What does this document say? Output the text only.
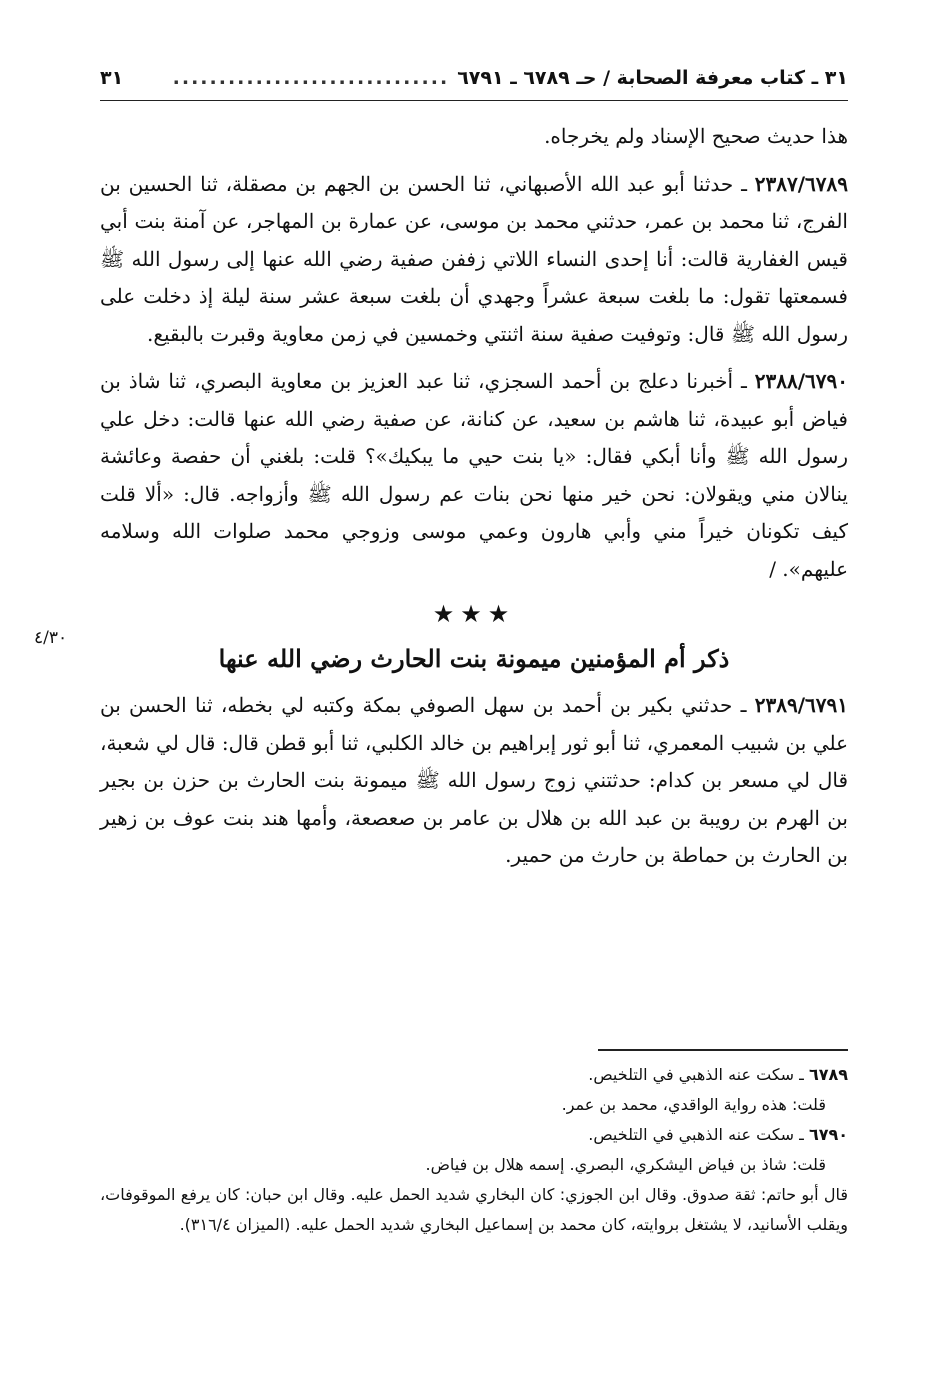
٣١ ـ كتاب معرفة الصحابة / حـ ٦٧٨٩ ـ ٦٧٩١
..............................
٣١

هذا حديث صحيح الإسناد ولم يخرجاه.

٢٣٨٧/٦٧٨٩ ـ حدثنا أبو عبد الله الأصبهاني، ثنا الحسن بن الجهم بن مصقلة، ثنا الحسين بن الفرج، ثنا محمد بن عمر، حدثني محمد بن موسى، عن عمارة بن المهاجر، عن آمنة بنت أبي قيس الغفارية قالت: أنا إحدى النساء اللاتي زففن صفية رضي الله عنها إلى رسول الله ﷺ فسمعتها تقول: ما بلغت سبعة عشراً وجهدي أن بلغت سبعة عشر سنة ليلة إذ دخلت على رسول الله ﷺ قال: وتوفيت صفية سنة اثنتي وخمسين في زمن معاوية وقبرت بالبقيع.

٢٣٨٨/٦٧٩٠ ـ أخبرنا دعلج بن أحمد السجزي، ثنا عبد العزيز بن معاوية البصري، ثنا شاذ بن فياض أبو عبيدة، ثنا هاشم بن سعيد، عن كنانة، عن صفية رضي الله عنها قالت: دخل علي رسول الله ﷺ وأنا أبكي فقال: «يا بنت حيي ما يبكيك»؟ قلت: بلغني أن حفصة وعائشة ينالان مني ويقولان: نحن خير منها نحن بنات عم رسول الله ﷺ وأزواجه. قال: «ألا قلت كيف تكونان خيراً مني وأبي هارون وعمي موسى وزوجي محمد صلوات الله وسلامه عليهم». /

★★★

ذكر أم المؤمنين ميمونة بنت الحارث رضي الله عنها

٢٣٨٩/٦٧٩١ ـ حدثني بكير بن أحمد بن سهل الصوفي بمكة وكتبه لي بخطه، ثنا الحسن بن علي بن شبيب المعمري، ثنا أبو ثور إبراهيم بن خالد الكلبي، ثنا أبو قطن قال: قال لي شعبة، قال لي مسعر بن كدام: حدثتني زوج رسول الله ﷺ ميمونة بنت الحارث بن حزن بن بجير بن الهرم بن رويبة بن عبد الله بن هلال بن عامر بن صعصعة، وأمها هند بنت عوف بن زهير بن الحارث بن حماطة بن حارث من حمير.

٤/٣٠

٦٧٨٩ ـ سكت عنه الذهبي في التلخيص.

قلت: هذه رواية الواقدي، محمد بن عمر.

٦٧٩٠ ـ سكت عنه الذهبي في التلخيص.

قلت: شاذ بن فياض اليشكري، البصري. إسمه هلال بن فياض.

قال أبو حاتم: ثقة صدوق. وقال ابن الجوزي: كان البخاري شديد الحمل عليه. وقال ابن حبان: كان يرفع الموقوفات، ويقلب الأسانيد، لا يشتغل بروايته، كان محمد بن إسماعيل البخاري شديد الحمل عليه. (الميزان ٣١٦/٤).
